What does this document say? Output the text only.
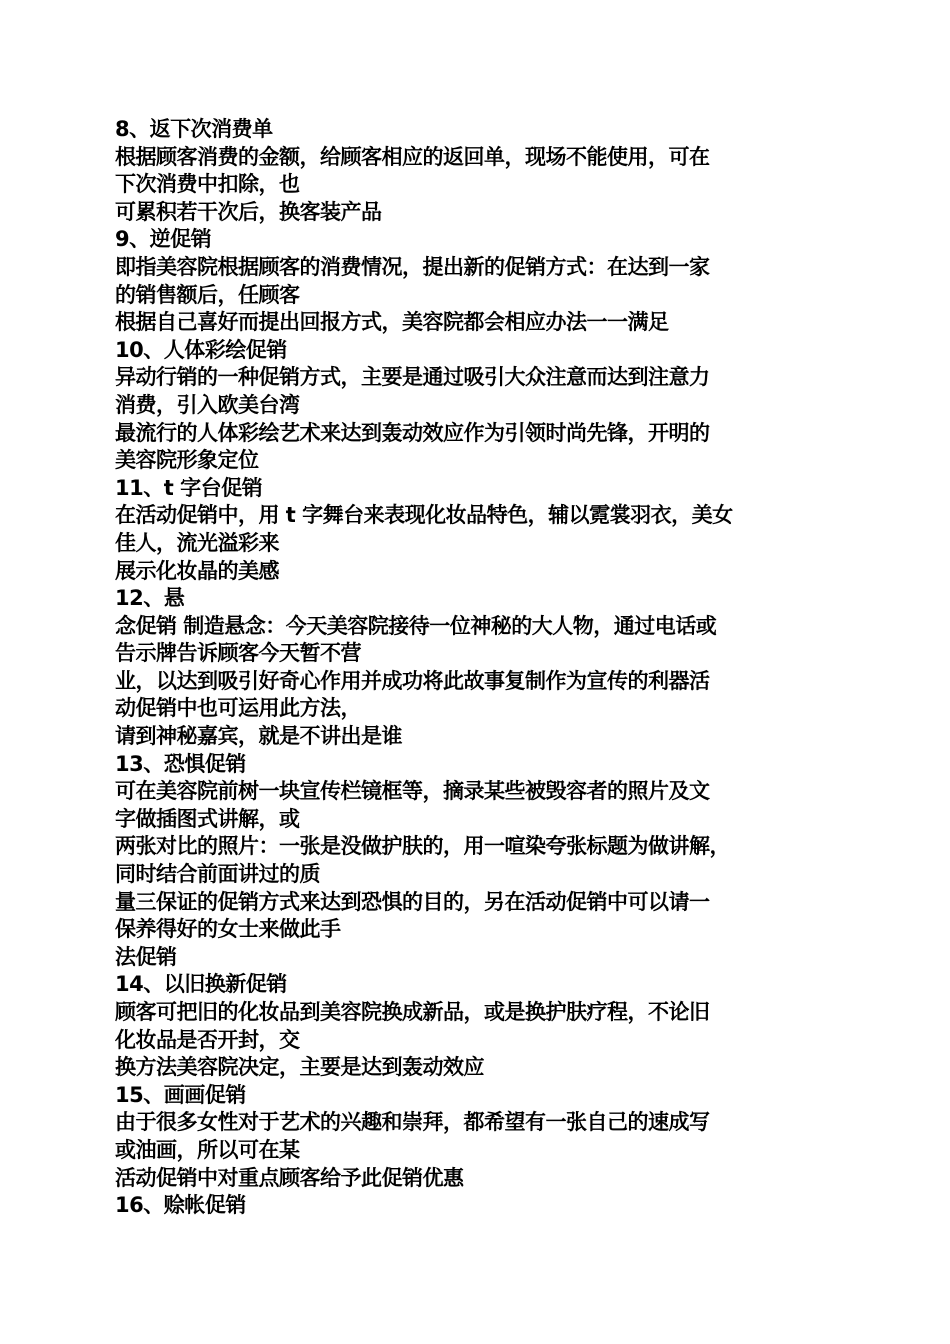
8、返下次消费单
根据顾客消费的金额，给顾客相应的返回单，现场不能使用，可在
下次消费中扣除，也
可累积若干次后，换客装产品
9、逆促销
即指美容院根据顾客的消费情况，提出新的促销方式：在达到一家
的销售额后，任顾客
根据自己喜好而提出回报方式，美容院都会相应办法一一满足
10、人体彩绘促销
异动行销的一种促销方式，主要是通过吸引大众注意而达到注意力
消费，引入欧美台湾
最流行的人体彩绘艺术来达到轰动效应作为引领时尚先锋，开明的
美容院形象定位
11、t 字台促销
在活动促销中，用 t 字舞台来表现化妆品特色，辅以霓裳羽衣，美女
佳人，流光溢彩来
展示化妆晶的美感
12、悬
念促销 制造悬念：今天美容院接待一位神秘的大人物，通过电话或
告示牌告诉顾客今天暂不营
业，以达到吸引好奇心作用并成功将此故事复制作为宣传的利器活
动促销中也可运用此方法，
请到神秘嘉宾，就是不讲出是谁
13、恐惧促销
可在美容院前树一块宣传栏镜框等，摘录某些被毁容者的照片及文
字做插图式讲解，或
两张对比的照片：一张是没做护肤的，用一喧染夸张标题为做讲解，
同时结合前面讲过的质
量三保证的促销方式来达到恐惧的目的，另在活动促销中可以请一
保养得好的女士来做此手
法促销
14、以旧换新促销
顾客可把旧的化妆品到美容院换成新品，或是换护肤疗程，不论旧
化妆品是否开封，交
换方法美容院决定，主要是达到轰动效应
15、画画促销
由于很多女性对于艺术的兴趣和崇拜，都希望有一张自己的速成写
或油画，所以可在某
活动促销中对重点顾客给予此促销优惠
16、赊帐促销
